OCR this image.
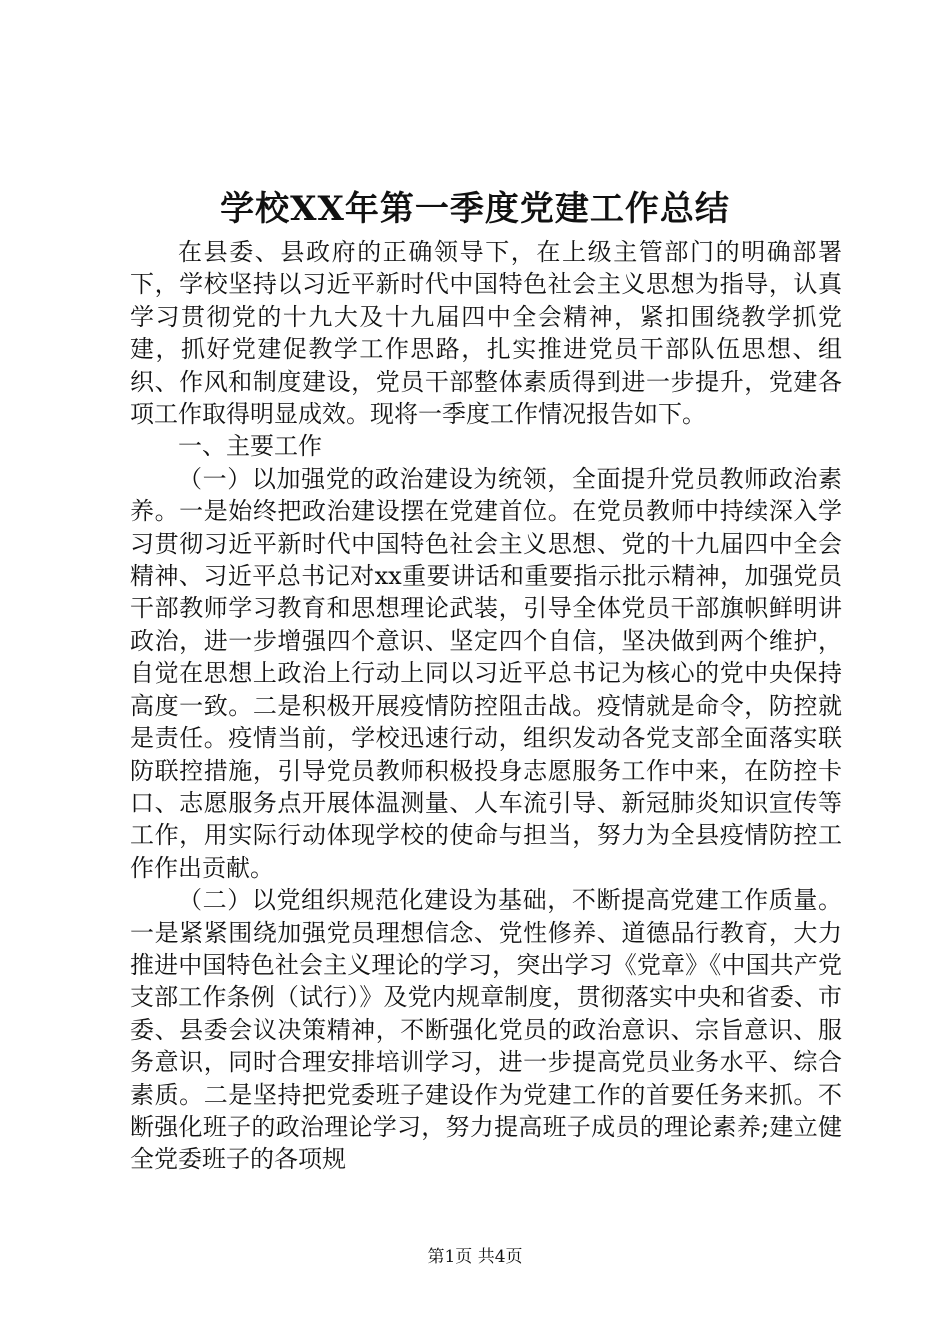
学校XX年第一季度党建工作总结

在县委、县政府的正确领导下，在上级主管部门的明确部署下，学校坚持以习近平新时代中国特色社会主义思想为指导，认真学习贯彻党的十九大及十九届四中全会精神，紧扣围绕教学抓党建，抓好党建促教学工作思路，扎实推进党员干部队伍思想、组织、作风和制度建设，党员干部整体素质得到进一步提升，党建各项工作取得明显成效。现将一季度工作情况报告如下。

一、主要工作

（一）以加强党的政治建设为统领，全面提升党员教师政治素养。一是始终把政治建设摆在党建首位。在党员教师中持续深入学习贯彻习近平新时代中国特色社会主义思想、党的十九届四中全会精神、习近平总书记对xx重要讲话和重要指示批示精神，加强党员干部教师学习教育和思想理论武装，引导全体党员干部旗帜鲜明讲政治，进一步增强四个意识、坚定四个自信，坚决做到两个维护，自觉在思想上政治上行动上同以习近平总书记为核心的党中央保持高度一致。二是积极开展疫情防控阻击战。疫情就是命令，防控就是责任。疫情当前，学校迅速行动，组织发动各党支部全面落实联防联控措施，引导党员教师积极投身志愿服务工作中来，在防控卡口、志愿服务点开展体温测量、人车流引导、新冠肺炎知识宣传等工作，用实际行动体现学校的使命与担当，努力为全县疫情防控工作作出贡献。

（二）以党组织规范化建设为基础，不断提高党建工作质量。一是紧紧围绕加强党员理想信念、党性修养、道德品行教育，大力推进中国特色社会主义理论的学习，突出学习《党章》《中国共产党支部工作条例（试行）》及党内规章制度，贯彻落实中央和省委、市委、县委会议决策精神，不断强化党员的政治意识、宗旨意识、服务意识，同时合理安排培训学习，进一步提高党员业务水平、综合素质。二是坚持把党委班子建设作为党建工作的首要任务来抓。不断强化班子的政治理论学习，努力提高班子成员的理论素养;建立健全党委班子的各项规

第1页 共4页
